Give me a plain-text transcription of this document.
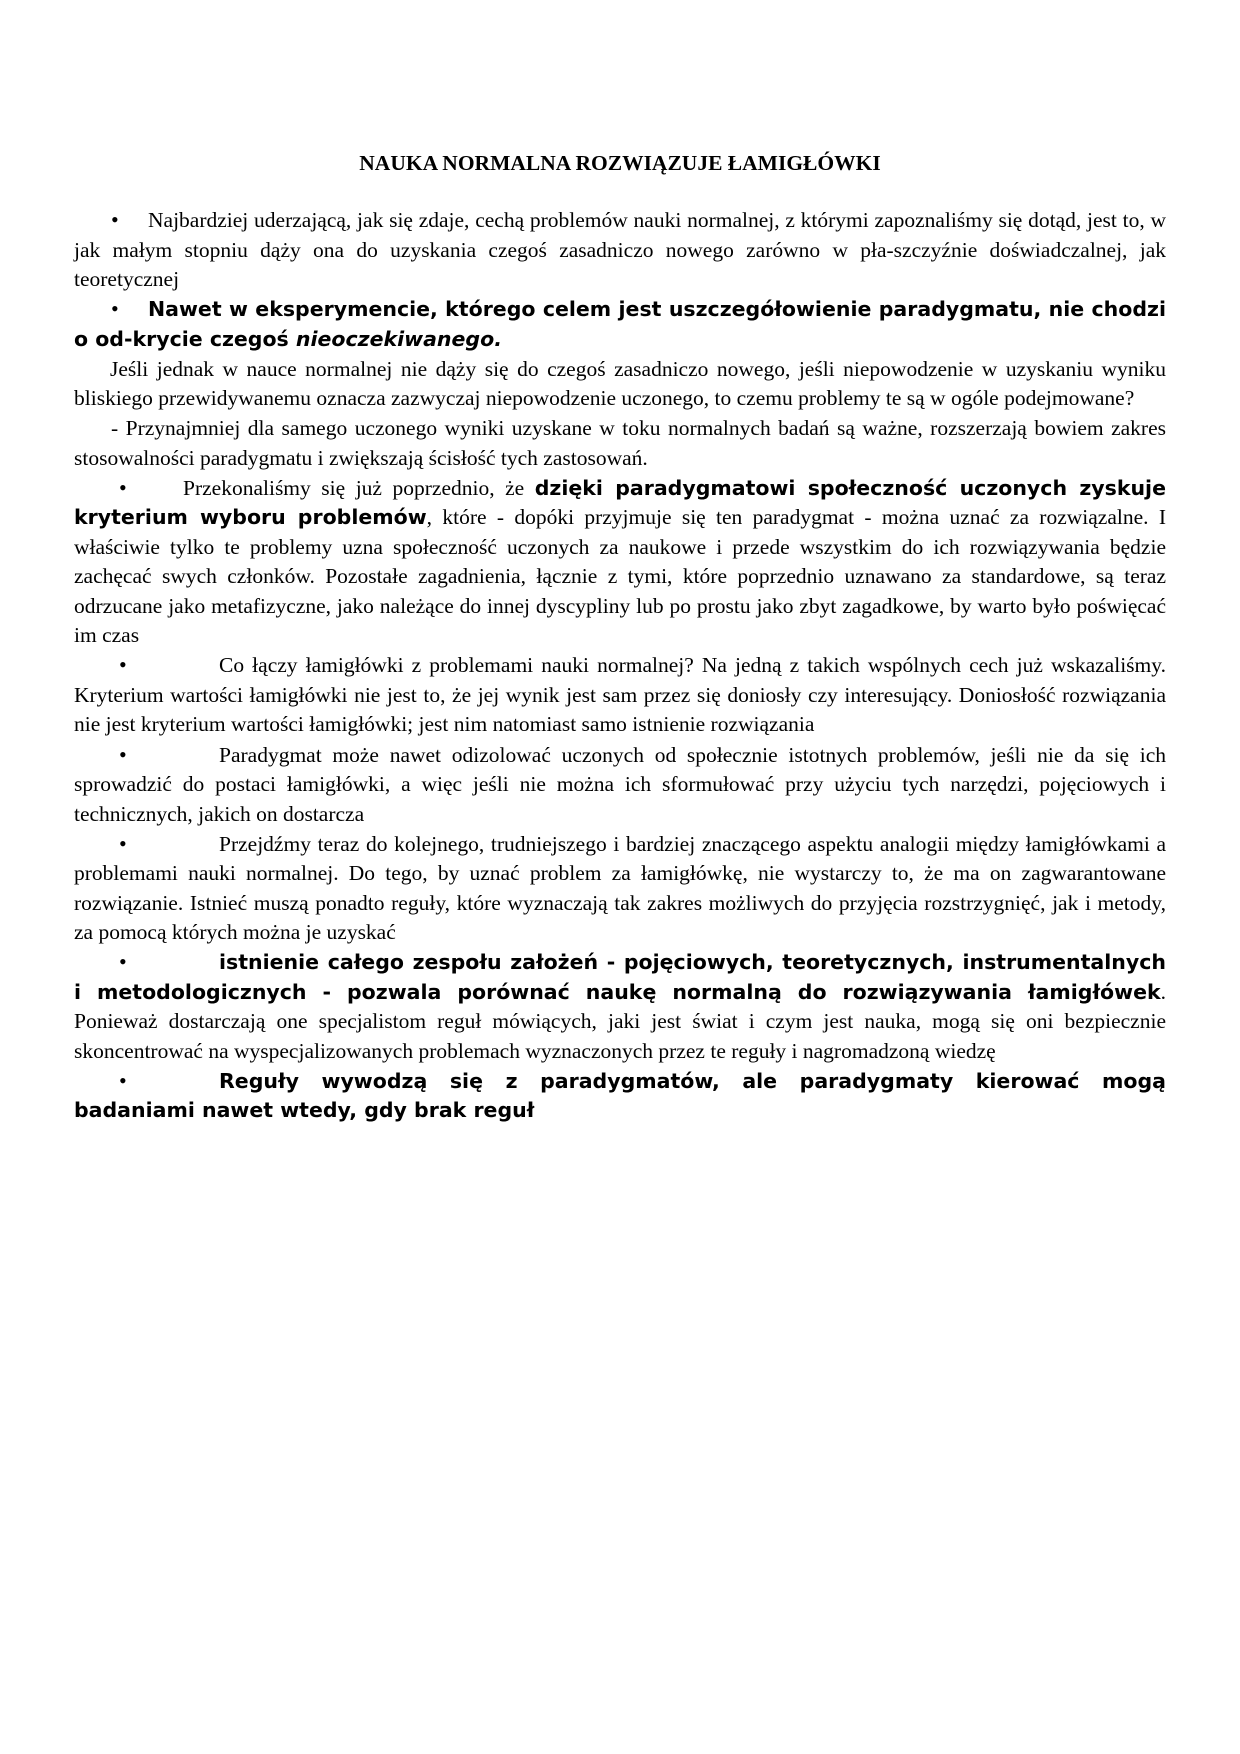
NAUKA NORMALNA ROZWIĄZUJE ŁAMIGŁÓWKI

• Najbardziej uderzającą, jak się zdaje, cechą problemów nauki normalnej, z którymi zapoznaliśmy się dotąd, jest to, w jak małym stopniu dąży ona do uzyskania czegoś zasadniczo nowego zarówno w pła-szczyźnie doświadczalnej, jak teoretycznej

• Nawet w eksperymencie, którego celem jest uszczegółowienie paradygmatu, nie chodzi o od-krycie czegoś nieoczekiwanego.

Jeśli jednak w nauce normalnej nie dąży się do czegoś zasadniczo nowego, jeśli niepowodzenie w uzyskaniu wyniku bliskiego przewidywanemu oznacza zazwyczaj niepowodzenie uczonego, to czemu problemy te są w ogóle podejmowane?

- Przynajmniej dla samego uczonego wyniki uzyskane w toku normalnych badań są ważne, rozszerzają bowiem zakres stosowalności paradygmatu i zwiększają ścisłość tych zastosowań.

•	Przekonaliśmy się już poprzednio, że dzięki paradygmatowi społeczność uczonych zyskuje kryterium wyboru problemów, które - dopóki przyjmuje się ten paradygmat - można uznać za rozwiązalne. I właściwie tylko te problemy uzna społeczność uczonych za naukowe i przede wszystkim do ich rozwiązywania będzie zachęcać swych członków. Pozostałe zagadnienia, łącznie z tymi, które poprzednio uznawano za standardowe, są teraz odrzucane jako metafizyczne, jako należące do innej dyscypliny lub po prostu jako zbyt zagadkowe, by warto było poświęcać im czas

•	Co łączy łamigłówki z problemami nauki normalnej? Na jedną z takich wspólnych cech już wskazaliśmy. Kryterium wartości łamigłówki nie jest to, że jej wynik jest sam przez się doniosły czy interesujący. Doniosłość rozwiązania nie jest kryterium wartości łamigłówki; jest nim natomiast samo istnienie rozwiązania

•	Paradygmat może nawet odizolować uczonych od społecznie istotnych problemów, jeśli nie da się ich sprowadzić do postaci łamigłówki, a więc jeśli nie można ich sformułować przy użyciu tych narzędzi, pojęciowych i technicznych, jakich on dostarcza

•	Przejdźmy teraz do kolejnego, trudniejszego i bardziej znaczącego aspektu analogii między łamigłówkami a problemami nauki normalnej. Do tego, by uznać problem za łamigłówkę, nie wystarczy to, że ma on zagwarantowane rozwiązanie. Istnieć muszą ponadto reguły, które wyznaczają tak zakres możliwych do przyjęcia rozstrzygnięć, jak i metody, za pomocą których można je uzyskać

•	istnienie całego zespołu założeń - pojęciowych, teoretycznych, instrumentalnych i metodologicznych - pozwala porównać naukę normalną do rozwiązywania łamigłówek. Ponieważ dostarczają one specjalistom reguł mówiących, jaki jest świat i czym jest nauka, mogą się oni bezpiecznie skoncentrować na wyspecjalizowanych problemach wyznaczonych przez te reguły i nagromadzoną wiedzę

•	Reguły wywodzą się z paradygmatów, ale paradygmaty kierować mogą badaniami nawet wtedy, gdy brak reguł
